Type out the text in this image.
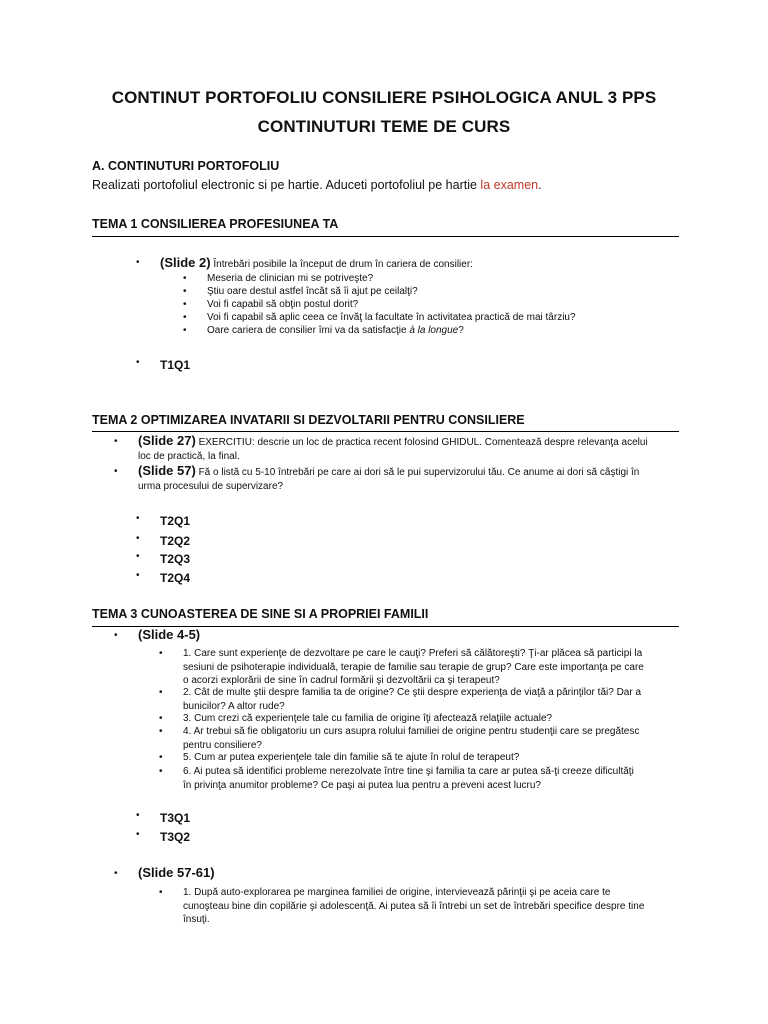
CONTINUT PORTOFOLIU CONSILIERE PSIHOLOGICA ANUL 3 PPS
CONTINUTURI TEME DE CURS
A. CONTINUTURI PORTOFOLIU
Realizati portofoliul electronic si pe hartie. Aduceti portofoliul pe hartie la examen.
TEMA 1 CONSILIEREA PROFESIUNEA TA
• (Slide 2) Întrebări posibile la început de drum în cariera de consilier:
• Meseria de clinician mi se potriveşte?
• Ştiu oare destul astfel încât să îi ajut pe ceilalţi?
• Voi fi capabil să obţin postul dorit?
• Voi fi capabil să aplic ceea ce învăţ la facultate în activitatea practică de mai târziu?
• Oare cariera de consilier îmi va da satisfacţie à la longue?
• T1Q1
TEMA 2 OPTIMIZAREA INVATARII SI DEZVOLTARII PENTRU CONSILIERE
• (Slide 27) EXERCITIU: descrie un loc de practica recent folosind GHIDUL. Comentează despre relevanţa acelui
loc de practică, la final.
• (Slide 57) Fă o listă cu 5-10 întrebări pe care ai dori să le pui supervizorului tău. Ce anume ai dori să câştigi în
urma procesului de supervizare?
• T2Q1
• T2Q2
• T2Q3
• T2Q4
TEMA 3 CUNOASTEREA DE SINE SI A PROPRIEI FAMILII
• (Slide 4-5)
• 1. Care sunt experienţe de dezvoltare pe care le cauţi? Preferi să călătoreşti? Ţi-ar plăcea să participi la
sesiuni de psihoterapie individuală, terapie de familie sau terapie de grup? Care este importanţa pe care
o acorzi explorării de sine în cadrul formării şi dezvoltării ca şi terapeut?
• 2. Cât de multe ştii despre familia ta de origine? Ce ştii despre experienţa de viaţă a părinţilor tăi? Dar a
bunicilor? A altor rude?
• 3. Cum crezi că experienţele tale cu familia de origine îţi afectează relaţiile actuale?
• 4. Ar trebui să fie obligatoriu un curs asupra rolului familiei de origine pentru studenţii care se pregătesc
pentru consiliere?
• 5. Cum ar putea experienţele tale din familie să te ajute în rolul de terapeut?
• 6. Ai putea să identifici probleme nerezolvate între tine şi familia ta care ar putea să-ţi creeze dificultăţi
în privinţa anumitor probleme? Ce paşi ai putea lua pentru a preveni acest lucru?
• T3Q1
• T3Q2
• (Slide 57-61)
• 1. După auto-explorarea pe marginea familiei de origine, intervievează părinţii şi pe aceia care te
cunoşteau bine din copilărie şi adolescenţă. Ai putea să îi întrebi un set de întrebări specifice despre tine
însuţi.
